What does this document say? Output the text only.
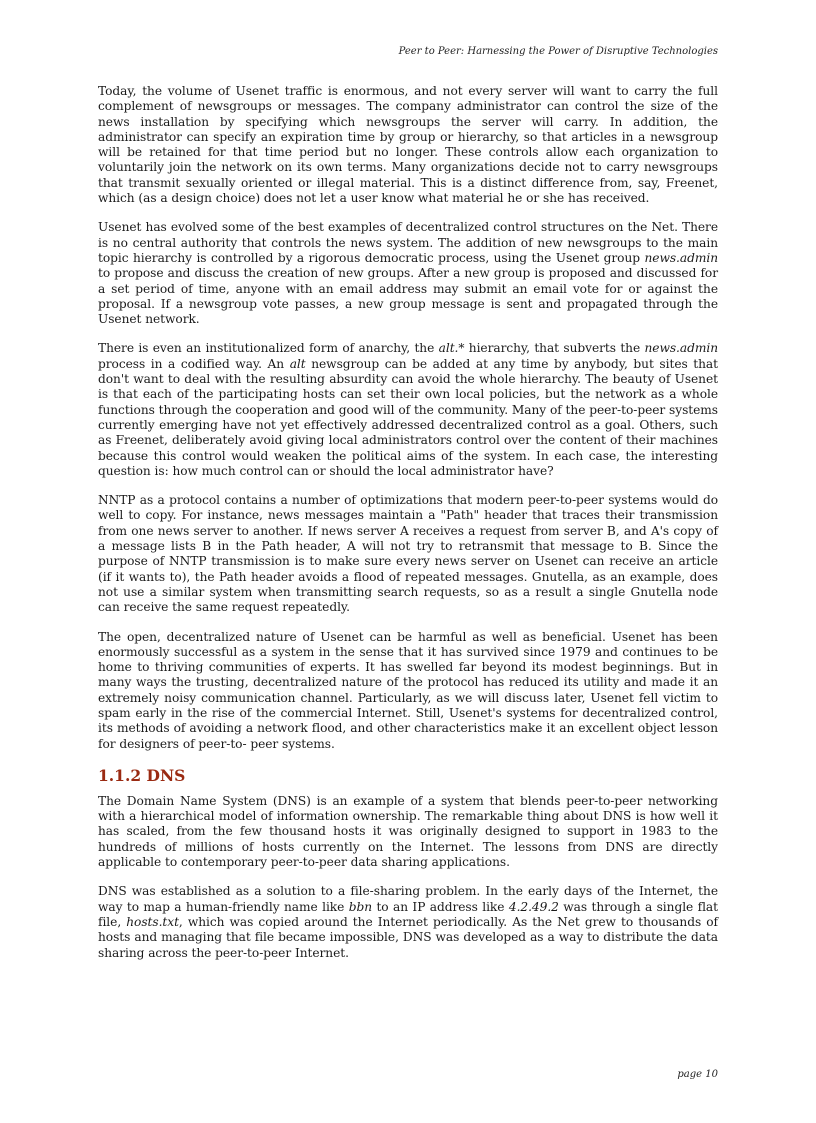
Peer to Peer: Harnessing the Power of Disruptive Technologies

Today, the volume of Usenet traffic is enormous, and not every server will want to carry the full complement of newsgroups or messages. The company administrator can control the size of the news installation by specifying which newsgroups the server will carry. In addition, the administrator can specify an expiration time by group or hierarchy, so that articles in a newsgroup will be retained for that time period but no longer. These controls allow each organization to voluntarily join the network on its own terms. Many organizations decide not to carry newsgroups that transmit sexually oriented or illegal material. This is a distinct difference from, say, Freenet, which (as a design choice) does not let a user know what material he or she has received.

Usenet has evolved some of the best examples of decentralized control structures on the Net. There is no central authority that controls the news system. The addition of new newsgroups to the main topic hierarchy is controlled by a rigorous democratic process, using the Usenet group news.admin to propose and discuss the creation of new groups. After a new group is proposed and discussed for a set period of time, anyone with an email address may submit an email vote for or against the proposal. If a newsgroup vote passes, a new group message is sent and propagated through the Usenet network.

There is even an institutionalized form of anarchy, the alt.* hierarchy, that subverts the news.admin process in a codified way. An alt newsgroup can be added at any time by anybody, but sites that don't want to deal with the resulting absurdity can avoid the whole hierarchy. The beauty of Usenet is that each of the participating hosts can set their own local policies, but the network as a whole functions through the cooperation and good will of the community. Many of the peer-to-peer systems currently emerging have not yet effectively addressed decentralized control as a goal. Others, such as Freenet, deliberately avoid giving local administrators control over the content of their machines because this control would weaken the political aims of the system. In each case, the interesting question is: how much control can or should the local administrator have?

NNTP as a protocol contains a number of optimizations that modern peer-to-peer systems would do well to copy. For instance, news messages maintain a "Path" header that traces their transmission from one news server to another. If news server A receives a request from server B, and A's copy of a message lists B in the Path header, A will not try to retransmit that message to B. Since the purpose of NNTP transmission is to make sure every news server on Usenet can receive an article (if it wants to), the Path header avoids a flood of repeated messages. Gnutella, as an example, does not use a similar system when transmitting search requests, so as a result a single Gnutella node can receive the same request repeatedly.

The open, decentralized nature of Usenet can be harmful as well as beneficial. Usenet has been enormously successful as a system in the sense that it has survived since 1979 and continues to be home to thriving communities of experts. It has swelled far beyond its modest beginnings. But in many ways the trusting, decentralized nature of the protocol has reduced its utility and made it an extremely noisy communication channel. Particularly, as we will discuss later, Usenet fell victim to spam early in the rise of the commercial Internet. Still, Usenet's systems for decentralized control, its methods of avoiding a network flood, and other characteristics make it an excellent object lesson for designers of peer-to- peer systems.

1.1.2 DNS

The Domain Name System (DNS) is an example of a system that blends peer-to-peer networking with a hierarchical model of information ownership. The remarkable thing about DNS is how well it has scaled, from the few thousand hosts it was originally designed to support in 1983 to the hundreds of millions of hosts currently on the Internet. The lessons from DNS are directly applicable to contemporary peer-to-peer data sharing applications.

DNS was established as a solution to a file-sharing problem. In the early days of the Internet, the way to map a human-friendly name like bbn to an IP address like 4.2.49.2 was through a single flat file, hosts.txt, which was copied around the Internet periodically. As the Net grew to thousands of hosts and managing that file became impossible, DNS was developed as a way to distribute the data sharing across the peer-to-peer Internet.

page 10
